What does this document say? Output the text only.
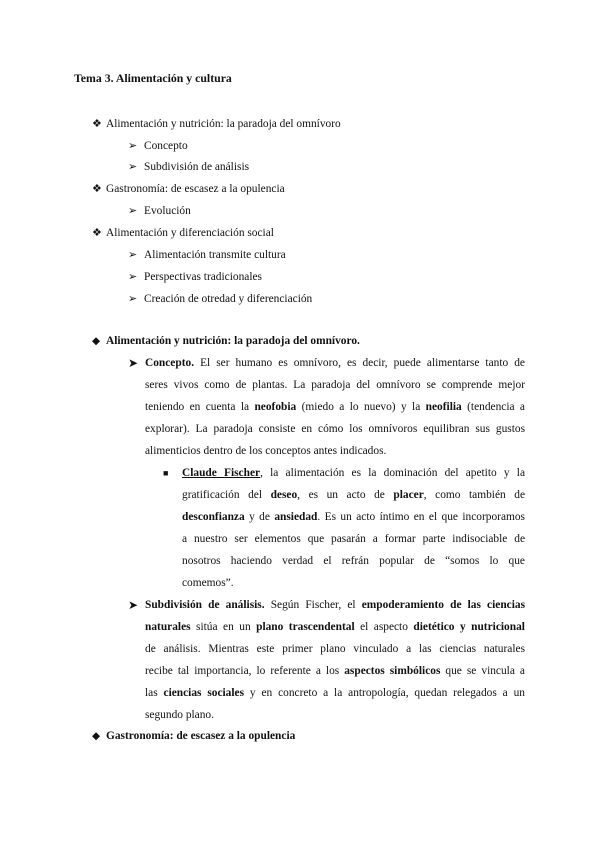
Tema 3. Alimentación y cultura
❖ Alimentación y nutrición: la paradoja del omnívoro
➢ Concepto
➢ Subdivisión de análisis
❖ Gastronomía: de escasez a la opulencia
➢ Evolución
❖ Alimentación y diferenciación social
➢ Alimentación transmite cultura
➢ Perspectivas tradicionales
➢ Creación de otredad y diferenciación
◆ Alimentación y nutrición: la paradoja del omnívoro.
➤ Concepto. El ser humano es omnívoro, es decir, puede alimentarse tanto de
seres vivos como de plantas. La paradoja del omnívoro se comprende mejor
teniendo en cuenta la neofobia (miedo a lo nuevo) y la neofilia (tendencia a
explorar). La paradoja consiste en cómo los omnívoros equilibran sus gustos
alimenticios dentro de los conceptos antes indicados.
■ Claude Fischer, la alimentación es la dominación del apetito y la
gratificación del deseo, es un acto de placer, como también de
desconfianza y de ansiedad. Es un acto íntimo en el que incorporamos
a nuestro ser elementos que pasarán a formar parte indisociable de
nosotros haciendo verdad el refrán popular de “somos lo que
comemos”.
➤ Subdivisión de análisis. Según Fischer, el empoderamiento de las ciencias
naturales sitúa en un plano trascendental el aspecto dietético y nutricional
de análisis. Mientras este primer plano vinculado a las ciencias naturales
recibe tal importancia, lo referente a los aspectos simbólicos que se vincula a
las ciencias sociales y en concreto a la antropología, quedan relegados a un
segundo plano.
◆ Gastronomía: de escasez a la opulencia
